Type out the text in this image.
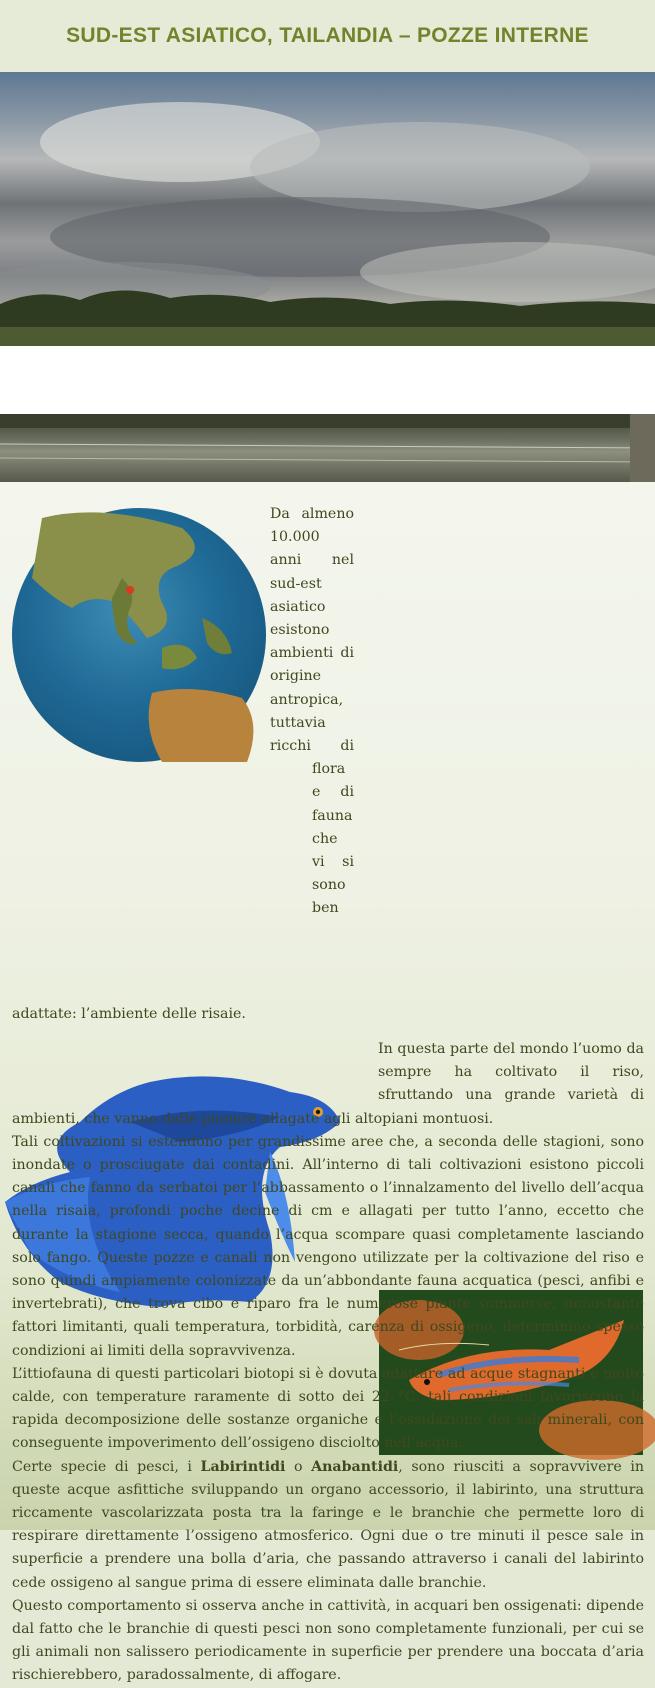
SUD-EST ASIATICO, TAILANDIA – POZZE INTERNE

Da almeno 10.000 anni nel sud-est asiatico esistono ambienti di origine antropica, tuttavia ricchi di flora e di fauna che vi si sono ben adattate: l’ambiente delle risaie.

In questa parte del mondo l’uomo da sempre ha coltivato il riso, sfruttando una grande varietà di ambienti, che vanno dalle pianure allagate agli altopiani montuosi.

Tali coltivazioni si estendono per grandissime aree che, a seconda delle stagioni, sono inondate o prosciugate dai contadini. All’interno di tali coltivazioni esistono piccoli canali che fanno da serbatoi per l’abbassamento o l’innalzamento del livello dell’acqua nella risaia, profondi poche decine di cm e allagati per tutto l’anno, eccetto che durante la stagione secca, quando l’acqua scompare quasi completamente lasciando solo fango. Queste pozze e canali non vengono utilizzate per la coltivazione del riso e sono quindi ampiamente colonizzate da un’abbondante fauna acquatica (pesci, anfibi e invertebrati), che trova cibo e riparo fra le numerose piante sommerse, nonostante fattori limitanti, quali temperatura, torbidità, carenza di ossigeno, determinino spesso condizioni ai limiti della sopravvivenza.

L’ittiofauna di questi particolari biotopi si è dovuta adattare ad acque stagnanti e molto calde, con temperature raramente di sotto dei 22 °C: tali condizioni favoriscono la rapida decomposizione delle sostanze organiche e l’ossidazione dei sali minerali, con conseguente impoverimento dell’ossigeno disciolto nell’acqua.

Certe specie di pesci, i Labirintidi o Anabantidi, sono riusciti a sopravvivere in queste acque asfittiche sviluppando un organo accessorio, il labirinto, una struttura riccamente vascolarizzata posta tra la faringe e le branchie che permette loro di respirare direttamente l’ossigeno atmosferico. Ogni due o tre minuti il pesce sale in superficie a prendere una bolla d’aria, che passando attraverso i canali del labirinto cede ossigeno al sangue prima di essere eliminata dalle branchie.

Questo comportamento si osserva anche in cattività, in acquari ben ossigenati: dipende dal fatto che le branchie di questi pesci non sono completamente funzionali, per cui se gli animali non salissero periodicamente in superficie per prendere una boccata d’aria rischierebbero, paradossalmente, di affogare.
